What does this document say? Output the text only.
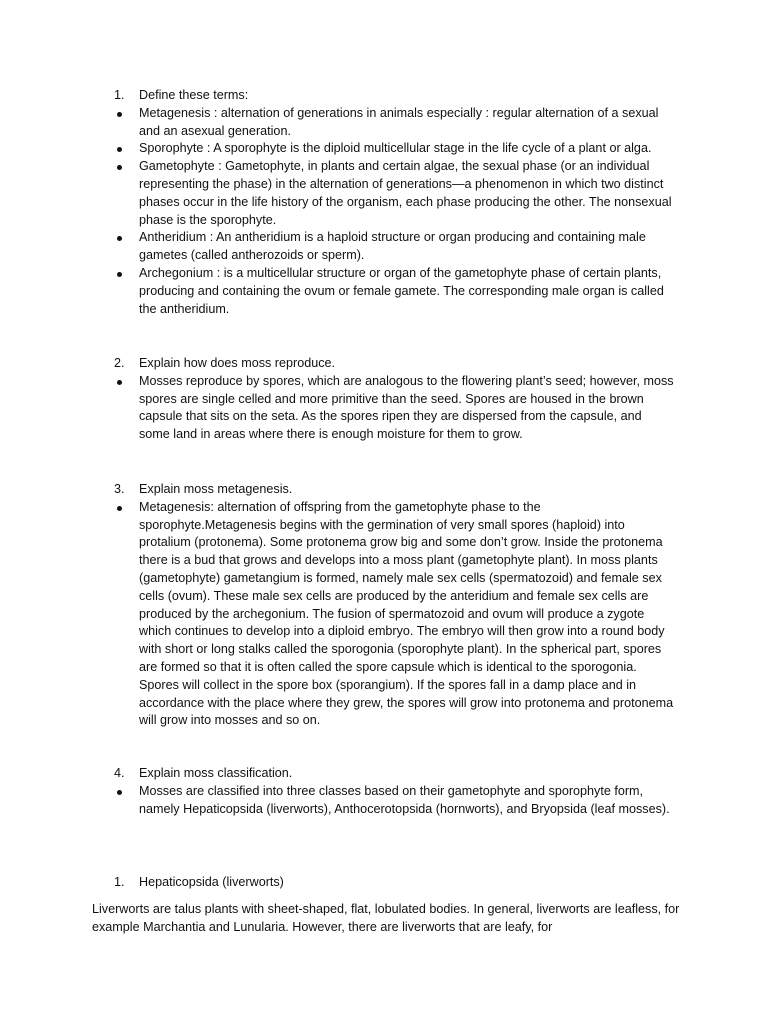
1. Define these terms:
Metagenesis : alternation of generations in animals especially : regular alternation of a sexual and an asexual generation.
Sporophyte : A sporophyte is the diploid multicellular stage in the life cycle of a plant or alga.
Gametophyte : Gametophyte, in plants and certain algae, the sexual phase (or an individual representing the phase) in the alternation of generations—a phenomenon in which two distinct phases occur in the life history of the organism, each phase producing the other. The nonsexual phase is the sporophyte.
Antheridium : An antheridium is a haploid structure or organ producing and containing male gametes (called antherozoids or sperm).
Archegonium : is a multicellular structure or organ of the gametophyte phase of certain plants, producing and containing the ovum or female gamete. The corresponding male organ is called the antheridium.
2. Explain how does moss reproduce.
Mosses reproduce by spores, which are analogous to the flowering plant’s seed; however, moss spores are single celled and more primitive than the seed. Spores are housed in the brown capsule that sits on the seta. As the spores ripen they are dispersed from the capsule, and some land in areas where there is enough moisture for them to grow.
3. Explain moss metagenesis.
Metagenesis: alternation of offspring from the gametophyte phase to the sporophyte.Metagenesis begins with the germination of very small spores (haploid) into protalium (protonema). Some protonema grow big and some don’t grow. Inside the protonema there is a bud that grows and develops into a moss plant (gametophyte plant). In moss plants (gametophyte) gametangium is formed, namely male sex cells (spermatozoid) and female sex cells (ovum). These male sex cells are produced by the anteridium and female sex cells are produced by the archegonium. The fusion of spermatozoid and ovum will produce a zygote which continues to develop into a diploid embryo. The embryo will then grow into a round body with short or long stalks called the sporogonia (sporophyte plant). In the spherical part, spores are formed so that it is often called the spore capsule which is identical to the sporogonia. Spores will collect in the spore box (sporangium). If the spores fall in a damp place and in accordance with the place where they grew, the spores will grow into protonema and protonema will grow into mosses and so on.
4. Explain moss classification.
Mosses are classified into three classes based on their gametophyte and sporophyte form, namely Hepaticopsida (liverworts), Anthocerotopsida (hornworts), and Bryopsida (leaf mosses).
1. Hepaticopsida (liverworts)
Liverworts are talus plants with sheet-shaped, flat, lobulated bodies. In general, liverworts are leafless, for example Marchantia and Lunularia. However, there are liverworts that are leafy, for
